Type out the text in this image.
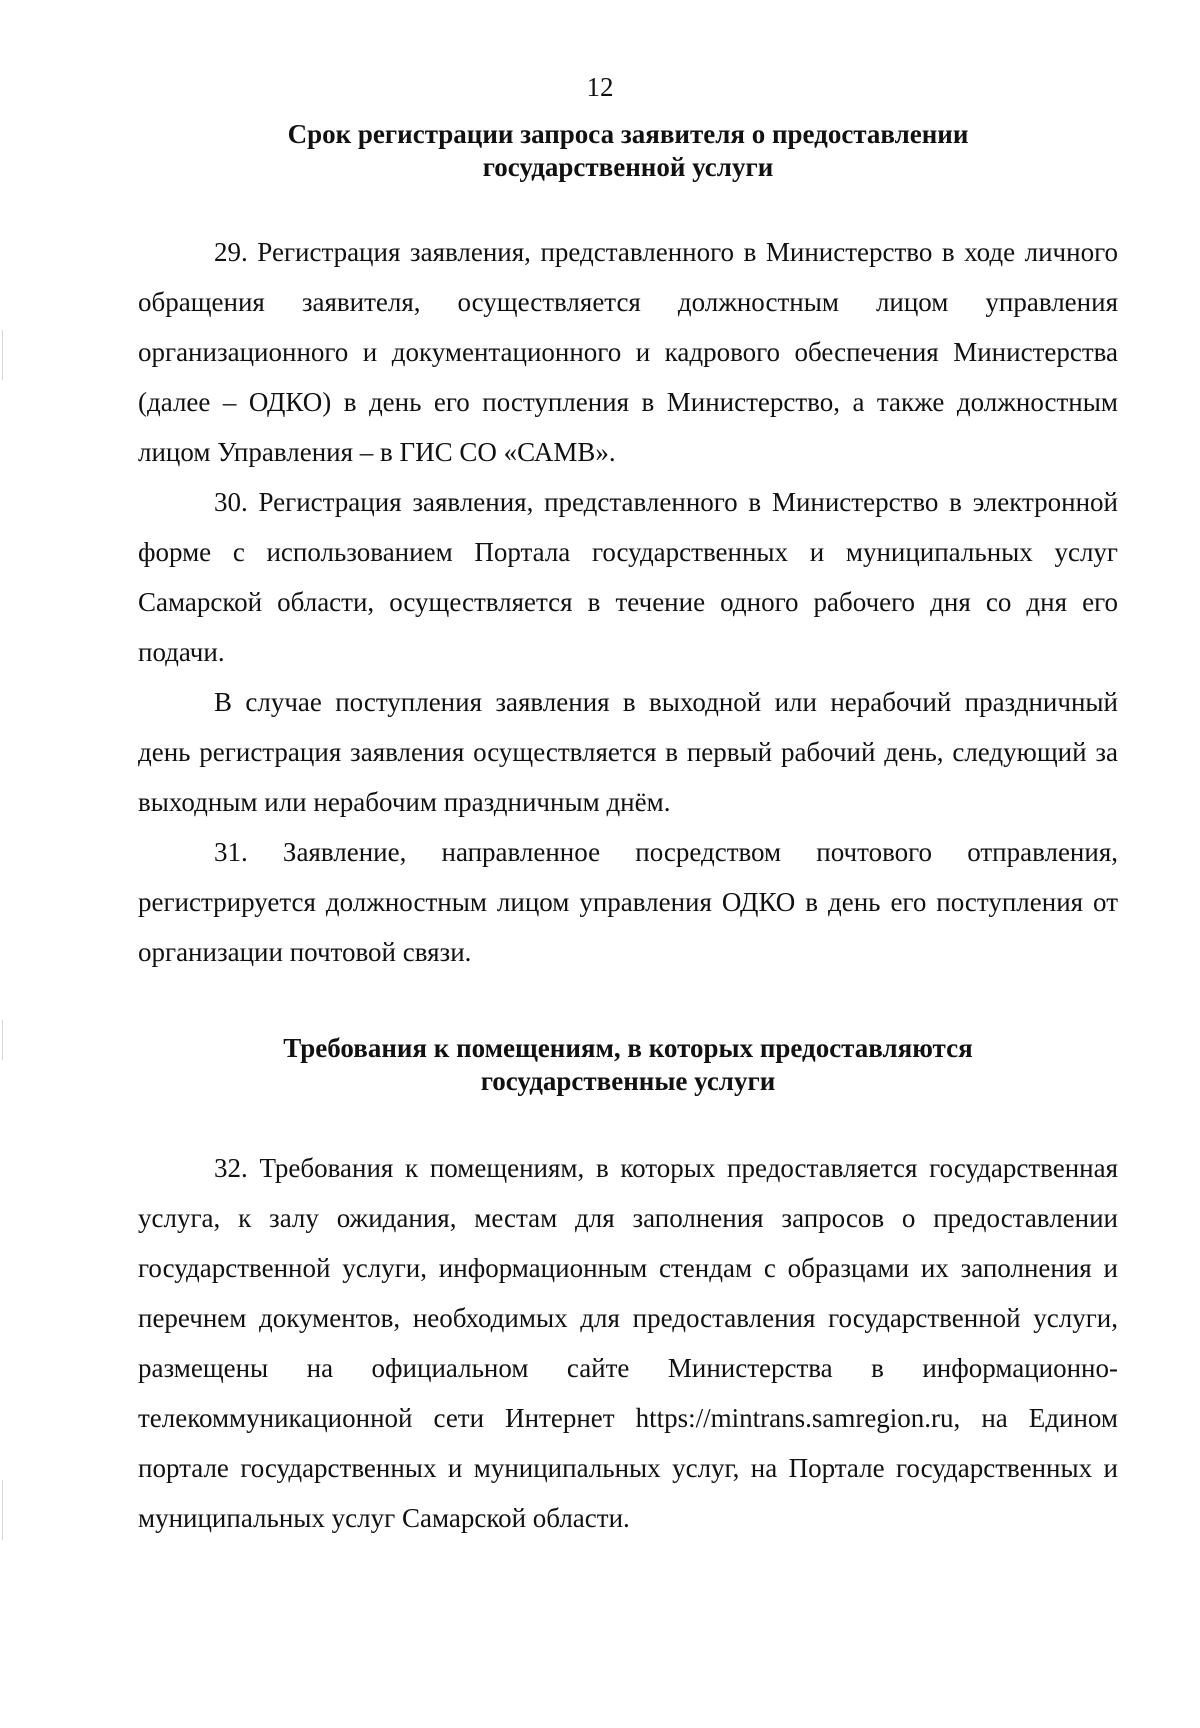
12
Срок регистрации запроса заявителя о предоставлении
государственной услуги

29. Регистрация заявления, представленного в Министерство в ходе личного обращения заявителя, осуществляется должностным лицом управления организационного и документационного и кадрового обеспечения Министерства (далее – ОДКО) в день его поступления в Министерство, а также должностным лицом Управления – в ГИС СО «САМВ».

30. Регистрация заявления, представленного в Министерство в электронной форме с использованием Портала государственных и муниципальных услуг Самарской области, осуществляется в течение одного рабочего дня со дня его подачи.

В случае поступления заявления в выходной или нерабочий праздничный день регистрация заявления осуществляется в первый рабочий день, следующий за выходным или нерабочим праздничным днём.

31. Заявление, направленное посредством почтового отправления, регистрируется должностным лицом управления ОДКО в день его поступления от организации почтовой связи.

Требования к помещениям, в которых предоставляются
государственные услуги

32. Требования к помещениям, в которых предоставляется государственная услуга, к залу ожидания, местам для заполнения запросов о предоставлении государственной услуги, информационным стендам с образцами их заполнения и перечнем документов, необходимых для предоставления государственной услуги, размещены на официальном сайте Министерства в информационно-телекоммуникационной сети Интернет https://mintrans.samregion.ru, на Едином портале государственных и муниципальных услуг, на Портале государственных и муниципальных услуг Самарской области.
